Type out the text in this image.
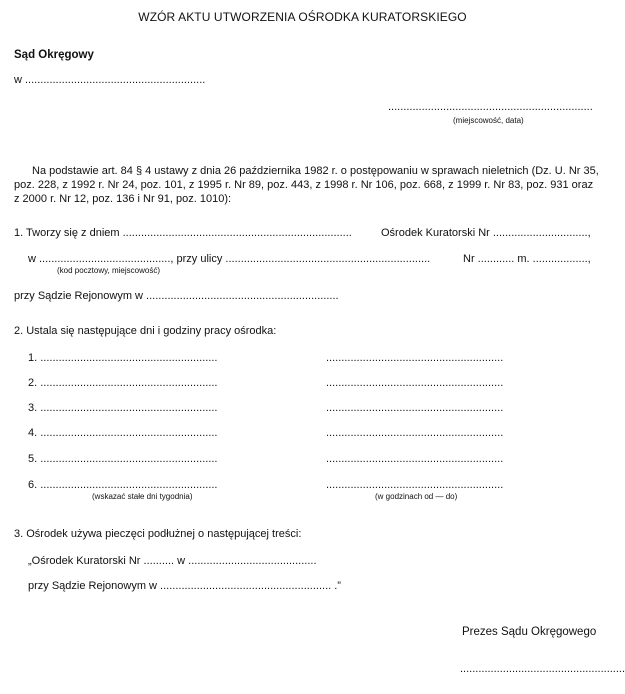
WZÓR AKTU UTWORZENIA OŚRODKA KURATORSKIEGO
Sąd Okręgowy
w ...........................................................
...................................................................
(miejscowość, data)
Na podstawie art. 84 § 4 ustawy z dnia 26 października 1982 r. o postępowaniu w sprawach nieletnich (Dz. U. Nr 35, poz. 228, z 1992 r. Nr 24, poz. 101, z 1995 r. Nr 89, poz. 443, z 1998 r. Nr 106, poz. 668, z 1999 r. Nr 83, poz. 931 oraz z 2000 r. Nr 12, poz. 136 i Nr 91, poz. 1010):
1. Tworzy się z dniem ...........................................................................	Ośrodek Kuratorski Nr ...............................,
w ..........................................., przy ulicy ...................................................................	Nr ............ m. ..................,
(kod pocztowy, miejscowość)
przy Sądzie Rejonowym w ...............................................................
2. Ustala się następujące dni i godziny pracy ośrodka:
1. ..........................................................	..........................................................
2. ..........................................................	..........................................................
3. ..........................................................	..........................................................
4. ..........................................................	..........................................................
5. ..........................................................	..........................................................
6. ..........................................................	..........................................................
(wskazać stałe dni tygodnia)	(w godzinach od — do)
3. Ośrodek używa pieczęci podłużnej o następującej treści:
„Ośrodek Kuratorski Nr .......... w ..........................................
przy Sądzie Rejonowym w ........................................................ .”
Prezes Sądu Okręgowego
......................................................
